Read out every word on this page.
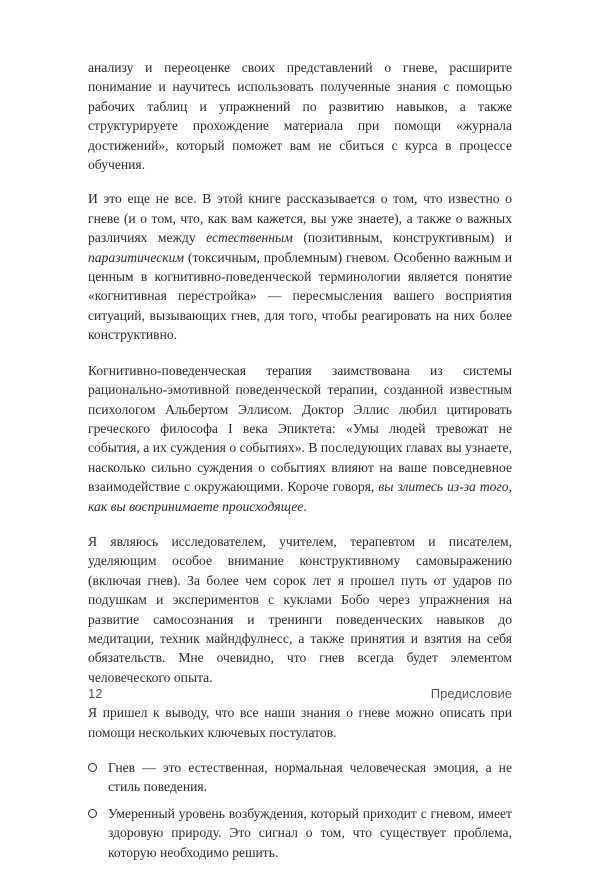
анализу и переоценке своих представлений о гневе, расширите понимание и научитесь использовать полученные знания с помощью рабочих таблиц и упражнений по развитию навыков, а также структурируете прохождение материала при помощи «журнала достижений», который поможет вам не сбиться с курса в процессе обучения.

И это еще не все. В этой книге рассказывается о том, что известно о гневе (и о том, что, как вам кажется, вы уже знаете), а также о важных различиях между естественным (позитивным, конструктивным) и паразитическим (токсичным, проблемным) гневом. Особенно важным и ценным в когнитивно-поведенческой терминологии является понятие «когнитивная перестройка» — пересмысления вашего восприятия ситуаций, вызывающих гнев, для того, чтобы реагировать на них более конструктивно.

Когнитивно-поведенческая терапия заимствована из системы рационально-эмотивной поведенческой терапии, созданной известным психологом Альбертом Эллисом. Доктор Эллис любил цитировать греческого философа I века Эпиктета: «Умы людей тревожат не события, а их суждения о событиях». В последующих главах вы узнаете, насколько сильно суждения о событиях влияют на ваше повседневное взаимодействие с окружающими. Короче говоря, вы злитесь из-за того, как вы воспринимаете происходящее.

Я являюсь исследователем, учителем, терапевтом и писателем, уделяющим особое внимание конструктивному самовыражению (включая гнев). За более чем сорок лет я прошел путь от ударов по подушкам и экспериментов с куклами Бобо через упражнения на развитие самосознания и тренинги поведенческих навыков до медитации, техник майндфулнесс, а также принятия и взятия на себя обязательств. Мне очевидно, что гнев всегда будет элементом человеческого опыта.

Я пришел к выводу, что все наши знания о гневе можно описать при помощи нескольких ключевых постулатов.

Гнев — это естественная, нормальная человеческая эмоция, а не стиль поведения.
Умеренный уровень возбуждения, который приходит с гневом, имеет здоровую природу. Это сигнал о том, что существует проблема, которую необходимо решить.
12	Предисловие
